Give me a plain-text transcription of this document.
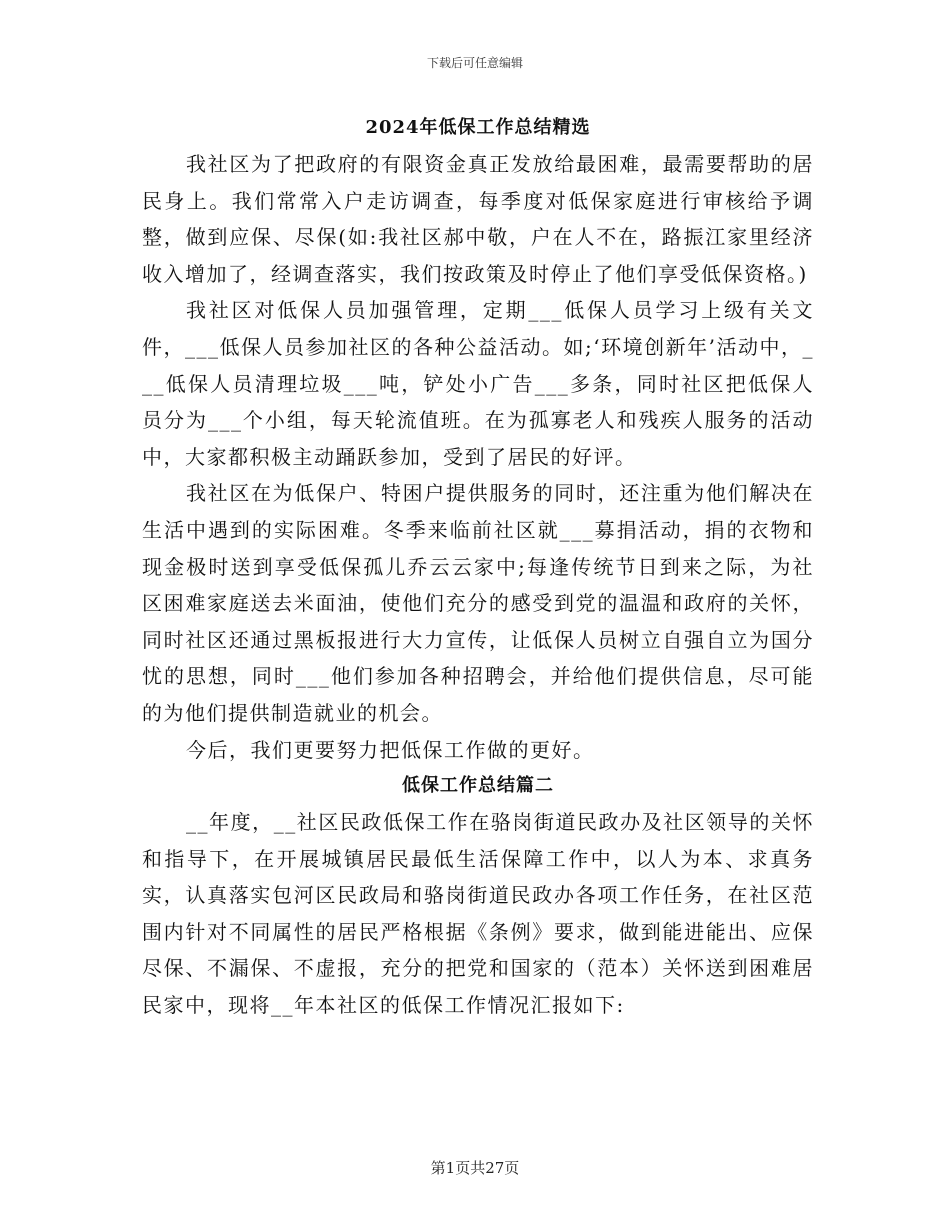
下载后可任意编辑
2024年低保工作总结精选

我社区为了把政府的有限资金真正发放给最困难，最需要帮助的居民身上。我们常常入户走访调查，每季度对低保家庭进行审核给予调整，做到应保、尽保(如:我社区郝中敬，户在人不在，路振江家里经济收入增加了，经调查落实，我们按政策及时停止了他们享受低保资格。)

我社区对低保人员加强管理，定期___低保人员学习上级有关文件，___低保人员参加社区的各种公益活动。如;‘环境创新年’活动中，___低保人员清理垃圾___吨，铲处小广告___多条，同时社区把低保人员分为___个小组，每天轮流值班。在为孤寡老人和残疾人服务的活动中，大家都积极主动踊跃参加，受到了居民的好评。

我社区在为低保户、特困户提供服务的同时，还注重为他们解决在生活中遇到的实际困难。冬季来临前社区就___募捐活动，捐的衣物和现金极时送到享受低保孤儿乔云云家中;每逢传统节日到来之际，为社区困难家庭送去米面油，使他们充分的感受到党的温温和政府的关怀，同时社区还通过黑板报进行大力宣传，让低保人员树立自强自立为国分忧的思想，同时___他们参加各种招聘会，并给他们提供信息，尽可能的为他们提供制造就业的机会。

今后，我们更要努力把低保工作做的更好。

低保工作总结篇二

__年度，__社区民政低保工作在骆岗街道民政办及社区领导的关怀和指导下，在开展城镇居民最低生活保障工作中，以人为本、求真务实，认真落实包河区民政局和骆岗街道民政办各项工作任务，在社区范围内针对不同属性的居民严格根据《条例》要求，做到能进能出、应保尽保、不漏保、不虚报，充分的把党和国家的（范本）关怀送到困难居民家中，现将__年本社区的低保工作情况汇报如下:

第1页共27页
